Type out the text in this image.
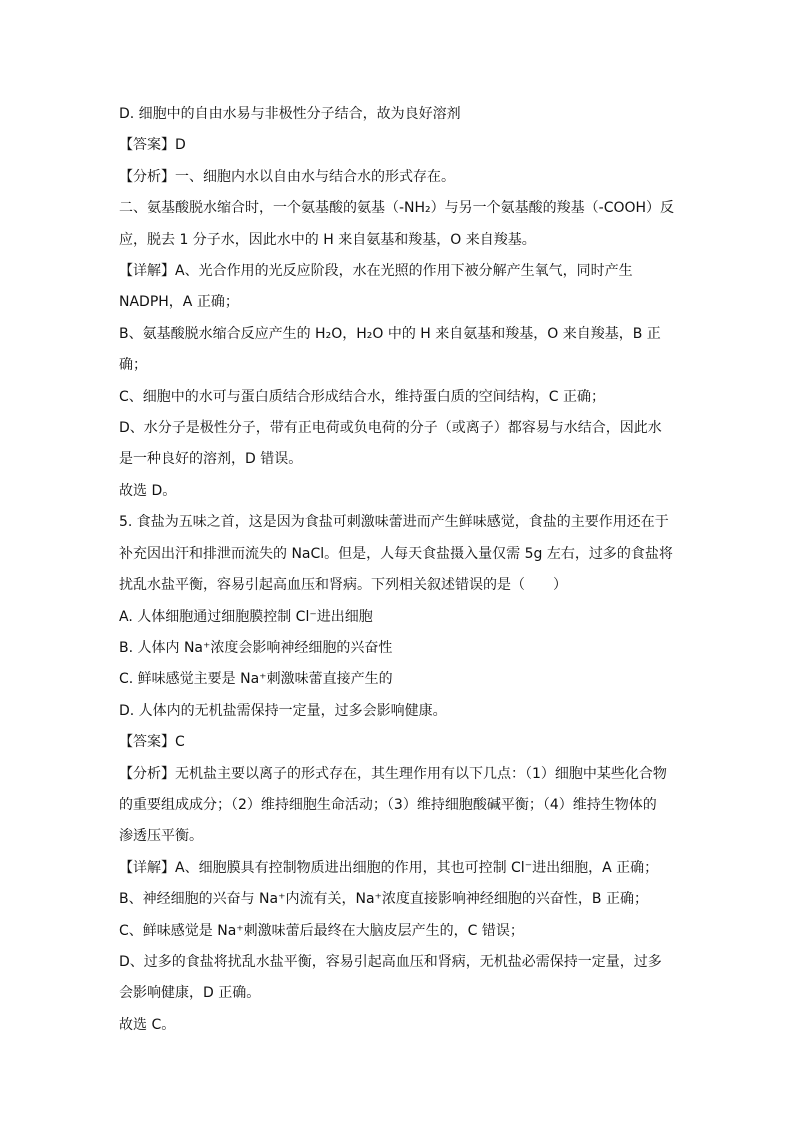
D. 细胞中的自由水易与非极性分子结合，故为良好溶剂
【答案】D
【分析】一、细胞内水以自由水与结合水的形式存在。
二、氨基酸脱水缩合时，一个氨基酸的氨基（-NH₂）与另一个氨基酸的羧基（-COOH）反
应，脱去 1 分子水，因此水中的 H 来自氨基和羧基，O 来自羧基。
【详解】A、光合作用的光反应阶段，水在光照的作用下被分解产生氧气，同时产生
NADPH，A 正确；
B、氨基酸脱水缩合反应产生的 H₂O，H₂O 中的 H 来自氨基和羧基，O 来自羧基，B 正
确；
C、细胞中的水可与蛋白质结合形成结合水，维持蛋白质的空间结构，C 正确；
D、水分子是极性分子，带有正电荷或负电荷的分子（或离子）都容易与水结合，因此水
是一种良好的溶剂，D 错误。
故选 D。
5. 食盐为五味之首，这是因为食盐可刺激味蕾进而产生鲜味感觉，食盐的主要作用还在于
补充因出汗和排泄而流失的 NaCl。但是，人每天食盐摄入量仅需 5g 左右，过多的食盐将
扰乱水盐平衡，容易引起高血压和肾病。下列相关叙述错误的是（　　）
A. 人体细胞通过细胞膜控制 Cl⁻进出细胞
B. 人体内 Na⁺浓度会影响神经细胞的兴奋性
C. 鲜味感觉主要是 Na⁺刺激味蕾直接产生的
D. 人体内的无机盐需保持一定量，过多会影响健康。
【答案】C
【分析】无机盐主要以离子的形式存在，其生理作用有以下几点：（1）细胞中某些化合物
的重要组成成分；（2）维持细胞生命活动；（3）维持细胞酸碱平衡；（4）维持生物体的
渗透压平衡。
【详解】A、细胞膜具有控制物质进出细胞的作用，其也可控制 Cl⁻进出细胞，A 正确；
B、神经细胞的兴奋与 Na⁺内流有关，Na⁺浓度直接影响神经细胞的兴奋性，B 正确；
C、鲜味感觉是 Na⁺刺激味蕾后最终在大脑皮层产生的，C 错误；
D、过多的食盐将扰乱水盐平衡，容易引起高血压和肾病，无机盐必需保持一定量，过多
会影响健康，D 正确。
故选 C。
